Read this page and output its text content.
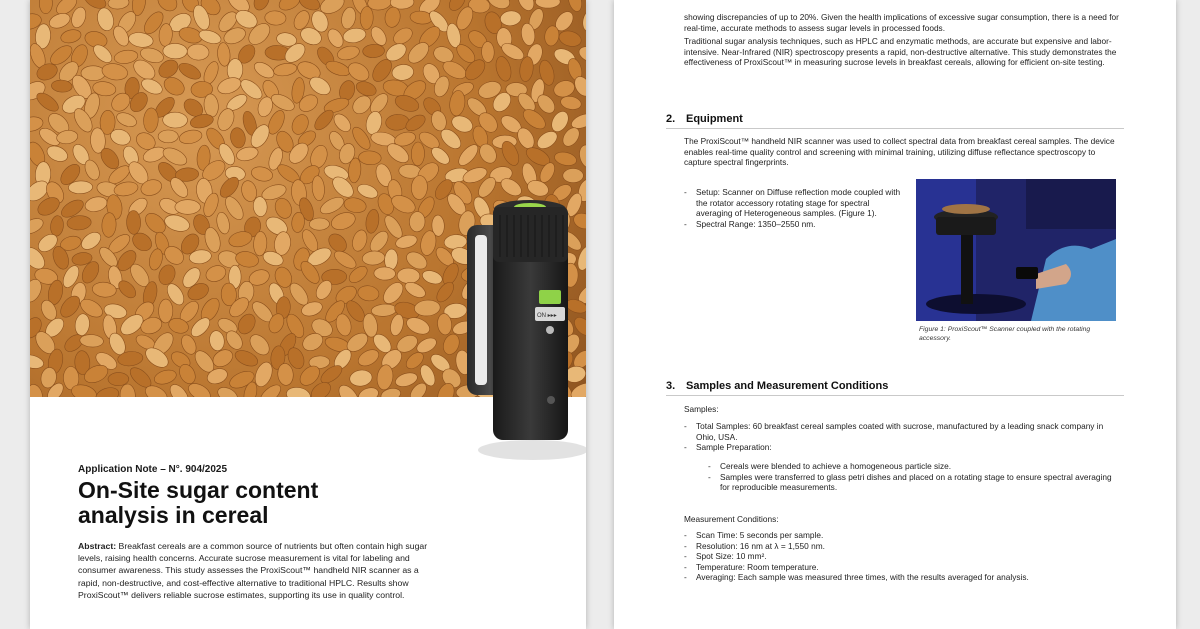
ON ▸▸▸
Application Note – N°. 904/2025
On-Site sugar content
analysis in cereal
Abstract: Breakfast cereals are a common source of nutrients but often contain high sugar levels, raising health concerns. Accurate sucrose measurement is vital for labeling and consumer awareness. This study assesses the ProxiScout™ handheld NIR scanner as a rapid, non-destructive, and cost-effective alternative to traditional HPLC. Results show ProxiScout™ delivers reliable sucrose estimates, supporting its use in quality control.
showing discrepancies of up to 20%. Given the health implications of excessive sugar consumption, there is a need for real-time, accurate methods to assess sugar levels in processed foods.
Traditional sugar analysis techniques, such as HPLC and enzymatic methods, are accurate but expensive and labor-intensive. Near-Infrared (NIR) spectroscopy presents a rapid, non-destructive alternative. This study demonstrates the effectiveness of ProxiScout™ in measuring sucrose levels in breakfast cereals, allowing for efficient on-site testing.
2. Equipment
The ProxiScout™ handheld NIR scanner was used to collect spectral data from breakfast cereal samples. The device enables real-time quality control and screening with minimal training, utilizing diffuse reflectance spectroscopy to capture spectral fingerprints.
- Setup: Scanner on Diffuse reflection mode coupled with the rotator accessory rotating stage for spectral averaging of Heterogeneous samples. (Figure 1).
- Spectral Range: 1350–2550 nm.
Figure 1: ProxiScout™ Scanner coupled with the rotating accessory.
3. Samples and Measurement Conditions
Samples:
- Total Samples: 60 breakfast cereal samples coated with sucrose, manufactured by a leading snack company in Ohio, USA.
- Sample Preparation:
- Cereals were blended to achieve a homogeneous particle size.
- Samples were transferred to glass petri dishes and placed on a rotating stage to ensure spectral averaging for reproducible measurements.
Measurement Conditions:
- Scan Time: 5 seconds per sample.
- Resolution: 16 nm at λ = 1,550 nm.
- Spot Size: 10 mm².
- Temperature: Room temperature.
- Averaging: Each sample was measured three times, with the results averaged for analysis.
